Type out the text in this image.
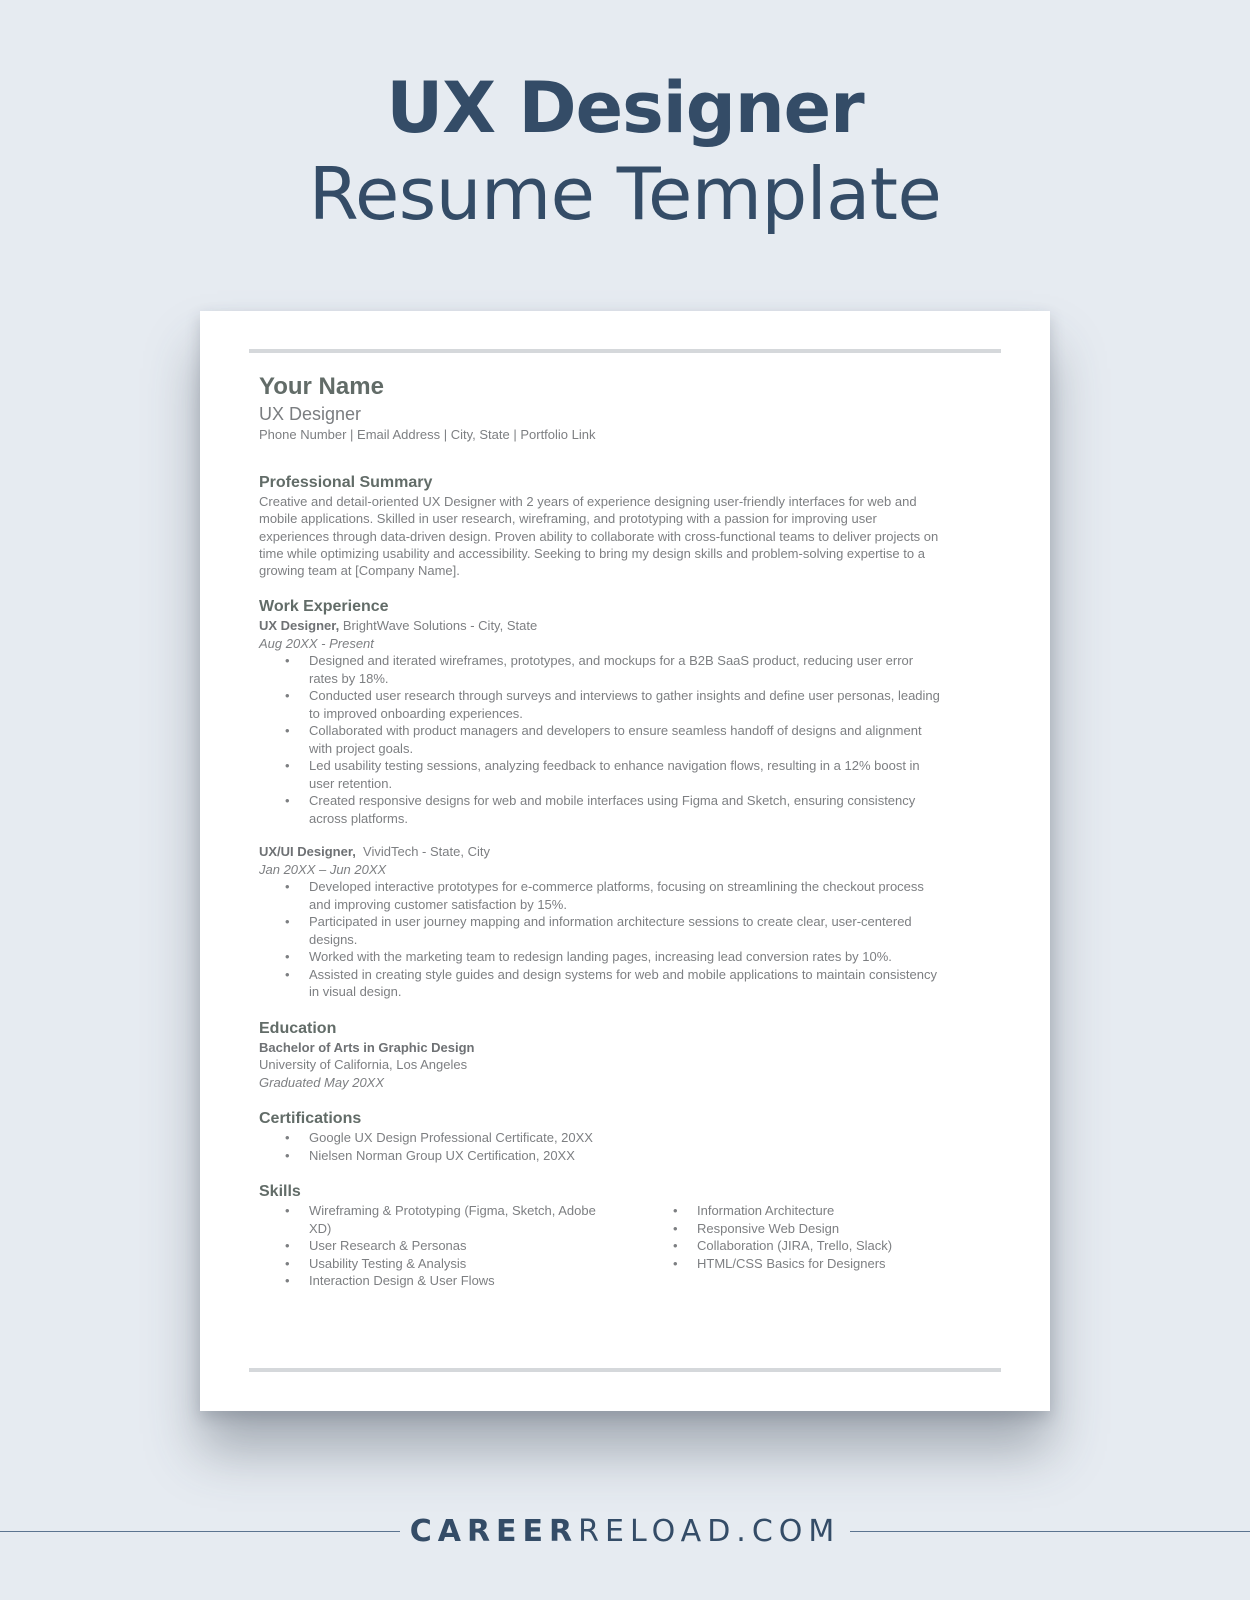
UX Designer
Resume Template
Your Name
UX Designer
Phone Number | Email Address | City, State | Portfolio Link
Professional Summary
Creative and detail-oriented UX Designer with 2 years of experience designing user-friendly interfaces for web and
mobile applications. Skilled in user research, wireframing, and prototyping with a passion for improving user
experiences through data-driven design. Proven ability to collaborate with cross-functional teams to deliver projects on
time while optimizing usability and accessibility. Seeking to bring my design skills and problem-solving expertise to a
growing team at [Company Name].
Work Experience
UX Designer, BrightWave Solutions - City, State
Aug 20XX - Present
• Designed and iterated wireframes, prototypes, and mockups for a B2B SaaS product, reducing user error
rates by 18%.
• Conducted user research through surveys and interviews to gather insights and define user personas, leading
to improved onboarding experiences.
• Collaborated with product managers and developers to ensure seamless handoff of designs and alignment
with project goals.
• Led usability testing sessions, analyzing feedback to enhance navigation flows, resulting in a 12% boost in
user retention.
• Created responsive designs for web and mobile interfaces using Figma and Sketch, ensuring consistency
across platforms.
UX/UI Designer,  VividTech - State, City
Jan 20XX – Jun 20XX
• Developed interactive prototypes for e-commerce platforms, focusing on streamlining the checkout process
and improving customer satisfaction by 15%.
• Participated in user journey mapping and information architecture sessions to create clear, user-centered
designs.
• Worked with the marketing team to redesign landing pages, increasing lead conversion rates by 10%.
• Assisted in creating style guides and design systems for web and mobile applications to maintain consistency
in visual design.
Education
Bachelor of Arts in Graphic Design
University of California, Los Angeles
Graduated May 20XX
Certifications
• Google UX Design Professional Certificate, 20XX
• Nielsen Norman Group UX Certification, 20XX
Skills
• Wireframing & Prototyping (Figma, Sketch, Adobe XD)
• User Research & Personas
• Usability Testing & Analysis
• Interaction Design & User Flows
• Information Architecture
• Responsive Web Design
• Collaboration (JIRA, Trello, Slack)
• HTML/CSS Basics for Designers
CAREERRELOAD.COM
